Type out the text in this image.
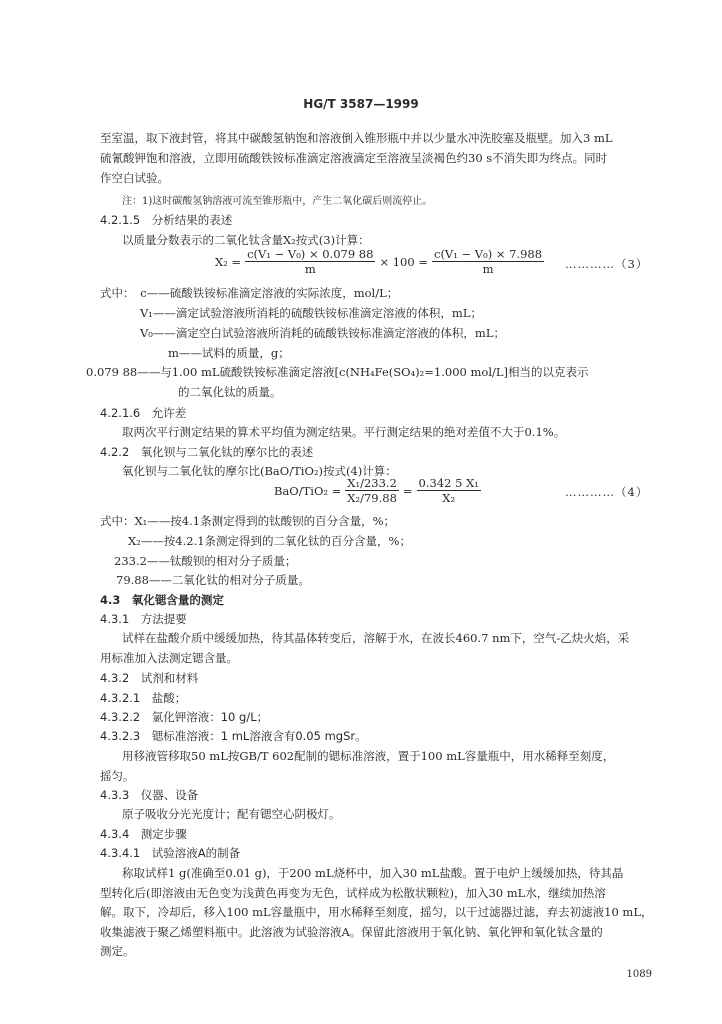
HG/T 3587—1999
至室温，取下液封管，将其中碳酸氢钠饱和溶液倒入锥形瓶中并以少量水冲洗胶塞及瓶壁。加入3 mL
硫氰酸钾饱和溶液，立即用硫酸铁铵标准滴定溶液滴定至溶液呈淡褐色约30 s不消失即为终点。同时
作空白试验。
注：1)这时碳酸氢钠溶液可流至锥形瓶中，产生二氧化碳后则流停止。
4.2.1.5　分析结果的表述
以质量分数表示的二氧化钛含量X₂按式(3)计算：
$X_2 = \frac{\text{c(V₁ − V₀) × 0.079 88}}{m} \times 100 = \frac{\text{c(V₁ − V₀) × 7.988}}{m}$ …………（3）
式中：　c——硫酸铁铵标准滴定溶液的实际浓度，mol/L；
V₁——滴定试验溶液所消耗的硫酸铁铵标准滴定溶液的体积，mL；
V₀——滴定空白试验溶液所消耗的硫酸铁铵标准滴定溶液的体积，mL；
m——试料的质量，g；
0.079 88——与1.00 mL硫酸铁铵标准滴定溶液[c(NH₄Fe(SO₄)₂=1.000 mol/L]相当的以克表示
的二氧化钛的质量。
4.2.1.6　允许差
取两次平行测定结果的算术平均值为测定结果。平行测定结果的绝对差值不大于0.1%。
4.2.2　氧化钡与二氧化钛的摩尔比的表述
氧化钡与二氧化钛的摩尔比(BaO/TiO₂)按式(4)计算：
$BaO/TiO_2 = \frac{\text{X₁/233.2}}{\text{X₂/79.88}} = \frac{\text{0.342 5 X₁}}{\text{X₂}}$	…………（4）
式中：X₁——按4.1条测定得到的钛酸钡的百分含量，%；
X₂——按4.2.1条测定得到的二氧化钛的百分含量，%；
233.2——钛酸钡的相对分子质量；
79.88——二氧化钛的相对分子质量。
4.3　氧化锶含量的测定
4.3.1　方法提要
试样在盐酸介质中缓缓加热，待其晶体转变后，溶解于水，在波长460.7 nm下，空气-乙炔火焰，采
用标准加入法测定锶含量。
4.3.2　试剂和材料
4.3.2.1　盐酸；
4.3.2.2　氯化钾溶液：10 g/L；
4.3.2.3　锶标准溶液：1 mL溶液含有0.05 mgSr。
用移液管移取50 mL按GB/T 602配制的锶标准溶液，置于100 mL容量瓶中，用水稀释至刻度，
摇匀。
4.3.3　仪器、设备
原子吸收分光光度计；配有锶空心阴极灯。
4.3.4　测定步骤
4.3.4.1　试验溶液A的制备
称取试样1 g(准确至0.01 g)，于200 mL烧杯中，加入30 mL盐酸。置于电炉上缓缓加热，待其晶
型转化后(即溶液由无色变为浅黄色再变为无色，试样成为松散状颗粒)，加入30 mL水，继续加热溶
解。取下，冷却后，移入100 mL容量瓶中，用水稀释至刻度，摇匀，以干过滤器过滤，弃去初滤液10 mL，
收集滤液于聚乙烯塑料瓶中。此溶液为试验溶液A。保留此溶液用于氧化钠、氧化钾和氧化钛含量的
测定。
1089
